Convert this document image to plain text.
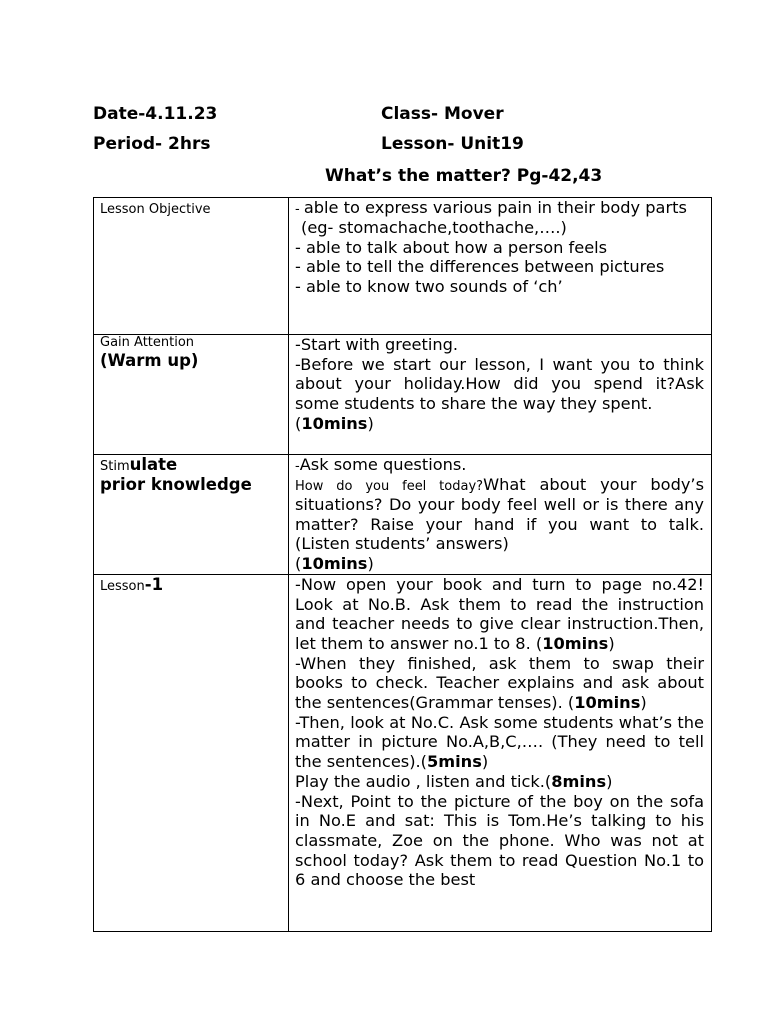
Date-4.11.23	Class- Mover
Period- 2hrs	Lesson- Unit19
What’s the matter? Pg-42,43
Lesson Objective	- able to express various pain in their body parts
(eg- stomachache,toothache,….)
- able to talk about how a person feels
- able to tell the differences between pictures
- able to know two sounds of ‘ch’

Gain Attention
(Warm up)	-Start with greeting.
-Before we start our lesson, I want you to think about your holiday.How did you spend it?Ask some students to share the way they spent.
(10mins)

Stimulate
prior knowledge	-Ask some questions.
How do you feel today?What about your body’s situations? Do your body feel well or is there any matter? Raise your hand if you want to talk.(Listen students’ answers)
(10mins)

Lesson-1	-Now open your book and turn to page no.42! Look at No.B. Ask them to read the instruction and teacher needs to give clear instruction.Then, let them to answer no.1 to 8. (10mins)
-When they finished, ask them to swap their books to check. Teacher explains and ask about the sentences(Grammar tenses). (10mins)
-Then, look at No.C. Ask some students what’s the matter in picture No.A,B,C,…. (They need to tell the sentences).(5mins)
Play the audio , listen and tick.(8mins)
-Next, Point to the picture of the boy on the sofa in No.E and sat: This is Tom.He’s talking to his classmate, Zoe on the phone. Who was not at school today? Ask them to read Question No.1 to 6 and choose the best
